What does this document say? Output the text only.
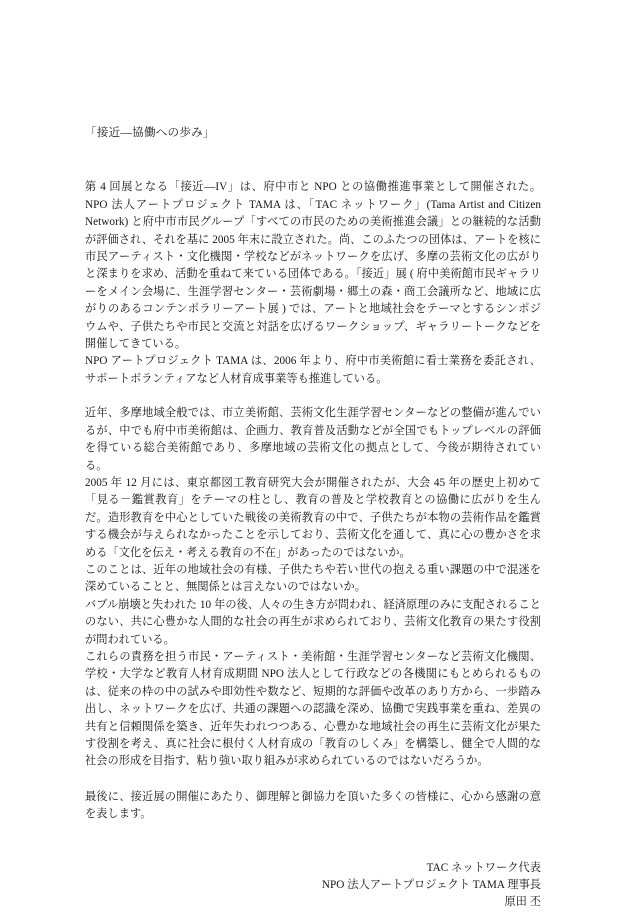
「接近—協働への歩み」

第 4 回展となる「接近—IV」は、府中市と NPO との協働推進事業として開催された。NPO 法人アートプロジェクト TAMA は、「TAC ネットワーク」(Tama Artist and Citizen Network) と府中市市民グループ「すべての市民のための美術推進会議」との継続的な活動が評価され、それを基に 2005 年末に設立された。尚、このふたつの団体は、アートを核に市民アーティスト・文化機関・学校などがネットワークを広げ、多摩の芸術文化の広がりと深まりを求め、活動を重ねて来ている団体である。「接近」展 ( 府中美術館市民ギャラリーをメイン会場に、生涯学習センター・芸術劇場・郷土の森・商工会議所など、地域に広がりのあるコンテンポラリーアート展 ) では、アートと地域社会をテーマとするシンポジウムや、子供たちや市民と交流と対話を広げるワークショップ、ギャラリートークなどを開催してきている。

NPO アートプロジェクト TAMA は、2006 年より、府中市美術館に看士業務を委託され、サポートボランティアなど人材育成事業等も推進している。

近年、多摩地域全般では、市立美術館、芸術文化生涯学習センターなどの整備が進んでいるが、中でも府中市美術館は、企画力、教育普及活動などが全国でもトップレベルの評価を得ている総合美術館であり、多摩地域の芸術文化の拠点として、今後が期待されている。

2005 年 12 月には、東京都図工教育研究大会が開催されたが、大会 45 年の歴史上初めて「見る－鑑賞教育」をテーマの柱とし、教育の普及と学校教育との協働に広がりを生んだ。造形教育を中心としていた戦後の美術教育の中で、子供たちが本物の芸術作品を鑑賞する機会が与えられなかったことを示しており、芸術文化を通して、真に心の豊かさを求める「文化を伝え・考える教育の不在」があったのではないか。

このことは、近年の地域社会の有様、子供たちや若い世代の抱える重い課題の中で混迷を深めていることと、無関係とは言えないのではないか。

バブル崩壊と失われた 10 年の後、人々の生き方が問われ、経済原理のみに支配されることのない、共に心豊かな人間的な社会の再生が求められており、芸術文化教育の果たす役割が問われている。

これらの責務を担う市民・アーティスト・美術館・生涯学習センターなど芸術文化機関、学校・大学など教育人材育成期間 NPO 法人として行政などの各機関にもとめられるものは、従来の枠の中の試みや即効性や数など、短期的な評価や改革のあり方から、一歩踏み出し、ネットワークを広げ、共通の課題への認識を深め、協働で実践事業を重ね、差異の共有と信頼関係を築き、近年失われつつある、心豊かな地域社会の再生に芸術文化が果たす役割を考え、真に社会に根付く人材育成の「教育のしくみ」を構築し、健全で人間的な社会の形成を目指す、粘り強い取り組みが求められているのではないだろうか。

最後に、接近展の開催にあたり、御理解と御協力を頂いた多くの皆様に、心から感謝の意を表します。

TAC ネットワーク代表

NPO 法人アートプロジェクト TAMA 理事長

原田 丕
